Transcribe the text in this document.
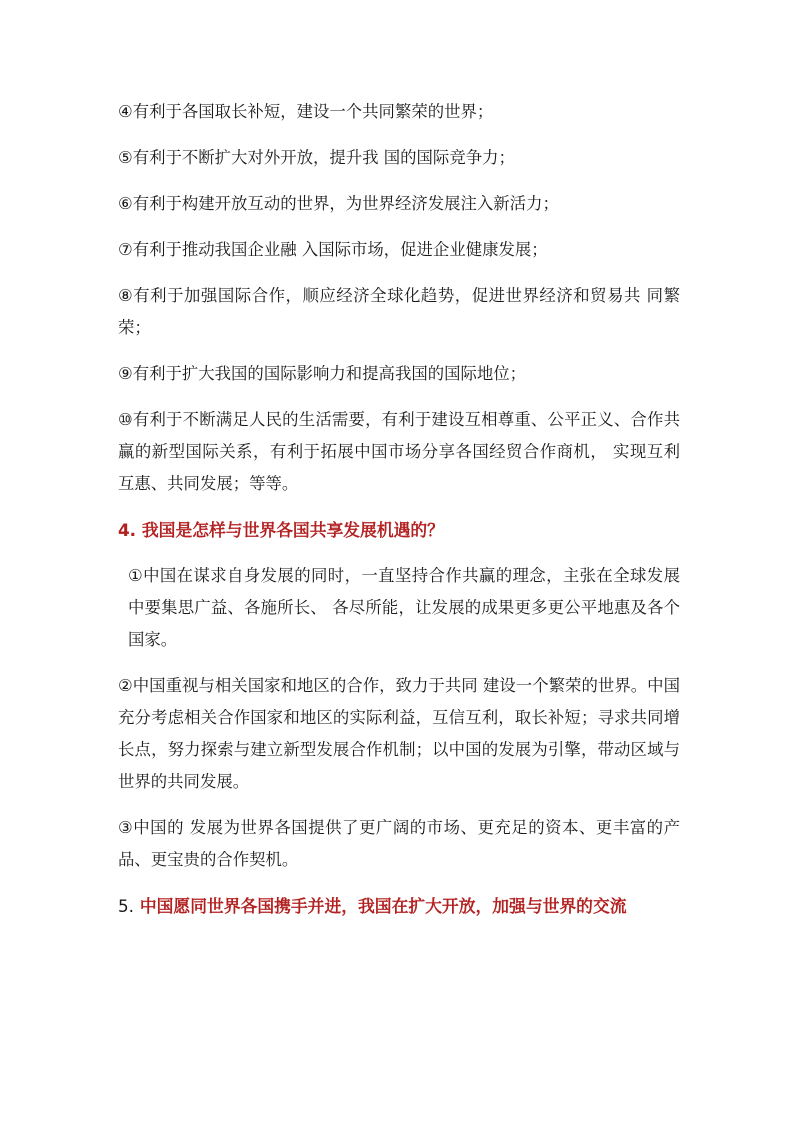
④有利于各国取长补短，建设一个共同繁荣的世界；

⑤有利于不断扩大对外开放，提升我 国的国际竞争力；

⑥有利于构建开放互动的世界，为世界经济发展注入新活力；

⑦有利于推动我国企业融 入国际市场，促进企业健康发展；

⑧有利于加强国际合作，顺应经济全球化趋势，促进世界经济和贸易共 同繁荣；

⑨有利于扩大我国的国际影响力和提高我国的国际地位；

⑩有利于不断满足人民的生活需要，有利于建设互相尊重、公平正义、合作共赢的新型国际关系，有利于拓展中国市场分享各国经贸合作商机， 实现互利互惠、共同发展；等等。

4. 我国是怎样与世界各国共享发展机遇的？

①中国在谋求自身发展的同时，一直坚持合作共赢的理念，主张在全球发展中要集思广益、各施所长、 各尽所能，让发展的成果更多更公平地惠及各个国家。

②中国重视与相关国家和地区的合作，致力于共同 建设一个繁荣的世界。中国充分考虑相关合作国家和地区的实际利益，互信互利，取长补短；寻求共同增 长点，努力探索与建立新型发展合作机制；以中国的发展为引擎，带动区域与世界的共同发展。

③中国的 发展为世界各国提供了更广阔的市场、更充足的资本、更丰富的产品、更宝贵的合作契机。

5. 中国愿同世界各国携手并进，我国在扩大开放，加强与世界的交流
